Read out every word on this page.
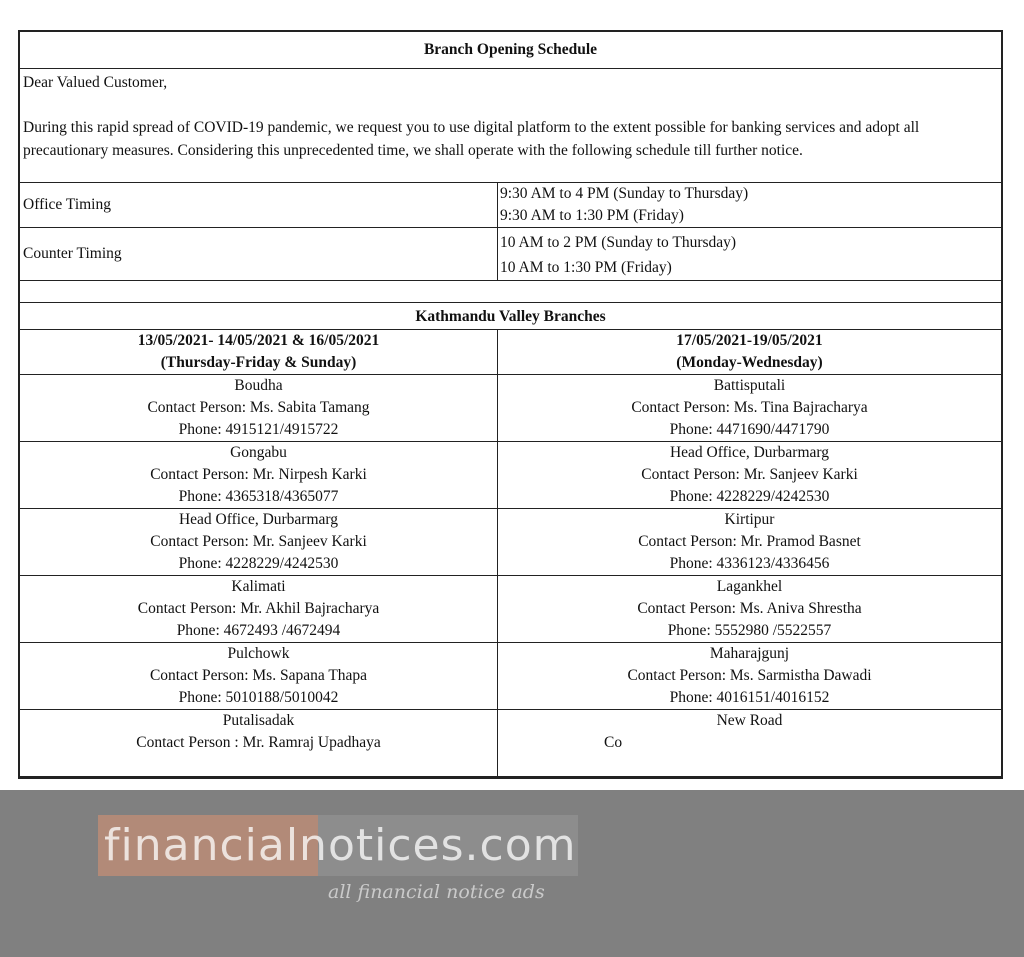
Branch Opening Schedule
Dear Valued Customer,
During this rapid spread of COVID-19 pandemic, we request you to use digital platform to the extent possible for banking services and adopt all precautionary measures. Considering this unprecedented time, we shall operate with the following schedule till further notice.
Office Timing
9:30 AM to 4 PM (Sunday to Thursday)
9:30 AM to 1:30 PM (Friday)
Counter Timing
10 AM to 2 PM (Sunday to Thursday)
10 AM to 1:30 PM (Friday)
Kathmandu Valley Branches
13/05/2021- 14/05/2021 & 16/05/2021
(Thursday-Friday & Sunday)
17/05/2021-19/05/2021
(Monday-Wednesday)
Boudha
Contact Person: Ms. Sabita Tamang
Phone: 4915121/4915722
Battisputali
Contact Person: Ms. Tina Bajracharya
Phone: 4471690/4471790
Gongabu
Contact Person: Mr. Nirpesh Karki
Phone: 4365318/4365077
Head Office, Durbarmarg
Contact Person: Mr. Sanjeev Karki
Phone: 4228229/4242530
Head Office, Durbarmarg
Contact Person: Mr. Sanjeev Karki
Phone: 4228229/4242530
Kirtipur
Contact Person: Mr. Pramod Basnet
Phone: 4336123/4336456
Kalimati
Contact Person: Mr. Akhil Bajracharya
Phone: 4672493 /4672494
Lagankhel
Contact Person: Ms. Aniva Shrestha
Phone: 5552980 /5522557
Pulchowk
Contact Person: Ms. Sapana Thapa
Phone: 5010188/5010042
Maharajgunj
Contact Person: Ms. Sarmistha Dawadi
Phone: 4016151/4016152
Putalisadak
Contact Person : Mr. Ramraj Upadhaya
New Road
Co
financialnotices.com
all financial notice ads
